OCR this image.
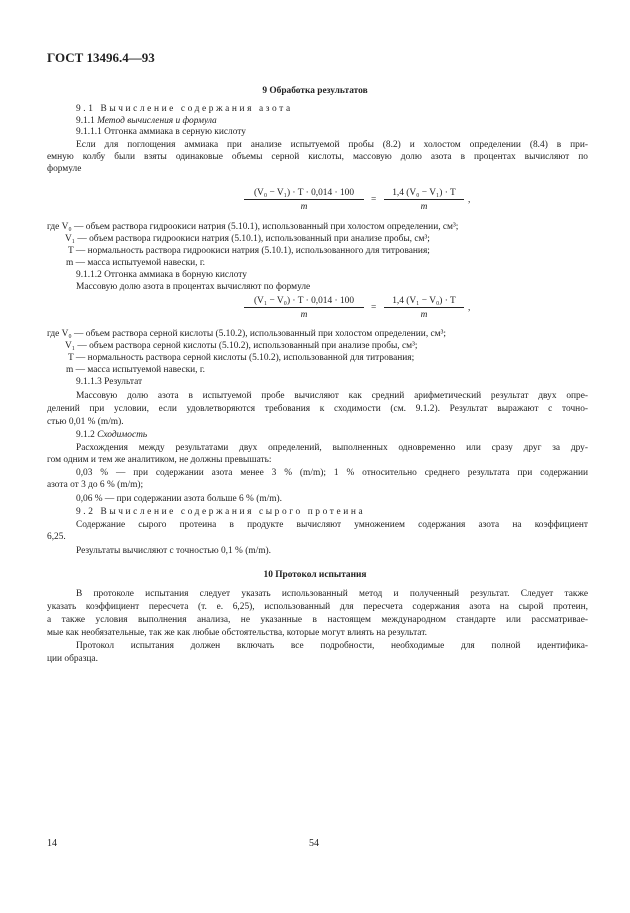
ГОСТ 13496.4—93
9 Обработка результатов
9.1 Вычисление содержания азота
9.1.1 Метод вычисления и формула
9.1.1.1 Отгонка аммиака в серную кислоту
Если для поглощения аммиака при анализе испытуемой пробы (8.2) и холостом определении (8.4) в при-
емную колбу были взяты одинаковые объемы серной кислоты, массовую долю азота в процентах вычисляют по
формуле
$\frac{\text{(V₀ − V₁) · T · 0,014 · 100}}{m} = \frac{\text{1,4 (V₀ − V₁) · T}}{m}$ ,
где V₀ — объем раствора гидроокиси натрия (5.10.1), использованный при холостом определении, см³;
V₁ — объем раствора гидроокиси натрия (5.10.1), использованный при анализе пробы, см³;
T — нормальность раствора гидроокиси натрия (5.10.1), использованного для титрования;
m — масса испытуемой навески, г.
9.1.1.2 Отгонка аммиака в борную кислоту
Массовую долю азота в процентах вычисляют по формуле
$\frac{\text{(V₁ − V₀) · T · 0,014 · 100}}{m} = \frac{\text{1,4 (V₁ − V₀) · T}}{m}$ ,
где V₀ — объем раствора серной кислоты (5.10.2), использованный при холостом определении, см³;
V₁ — объем раствора серной кислоты (5.10.2), использованный при анализе пробы, см³;
T — нормальность раствора серной кислоты (5.10.2), использованной для титрования;
m — масса испытуемой навески, г.
9.1.1.3 Результат
Массовую долю азота в испытуемой пробе вычисляют как средний арифметический результат двух опре-
делений при условии, если удовлетворяются требования к сходимости (см. 9.1.2). Результат выражают с точно-
стью 0,01 % (m/m).
9.1.2 Сходимость
Расхождения между результатами двух определений, выполненных одновременно или сразу друг за дру-
гом одним и тем же аналитиком, не должны превышать:
0,03 % — при содержании азота менее 3 % (m/m); 1 % относительно среднего результата при содержании
азота от 3 до 6 % (m/m);
0,06 % — при содержании азота больше 6 % (m/m).
9.2 Вычисление содержания сырого протеина
Содержание сырого протеина в продукте вычисляют умножением содержания азота на коэффициент
6,25.
Результаты вычисляют с точностью 0,1 % (m/m).
10 Протокол испытания
В протоколе испытания следует указать использованный метод и полученный результат. Следует также
указать коэффициент пересчета (т. е. 6,25), использованный для пересчета содержания азота на сырой протеин,
а также условия выполнения анализа, не указанные в настоящем международном стандарте или рассматривае-
мые как необязательные, так же как любые обстоятельства, которые могут влиять на результат.
Протокол испытания должен включать все подробности, необходимые для полной идентифика-
ции образца.
14	54
